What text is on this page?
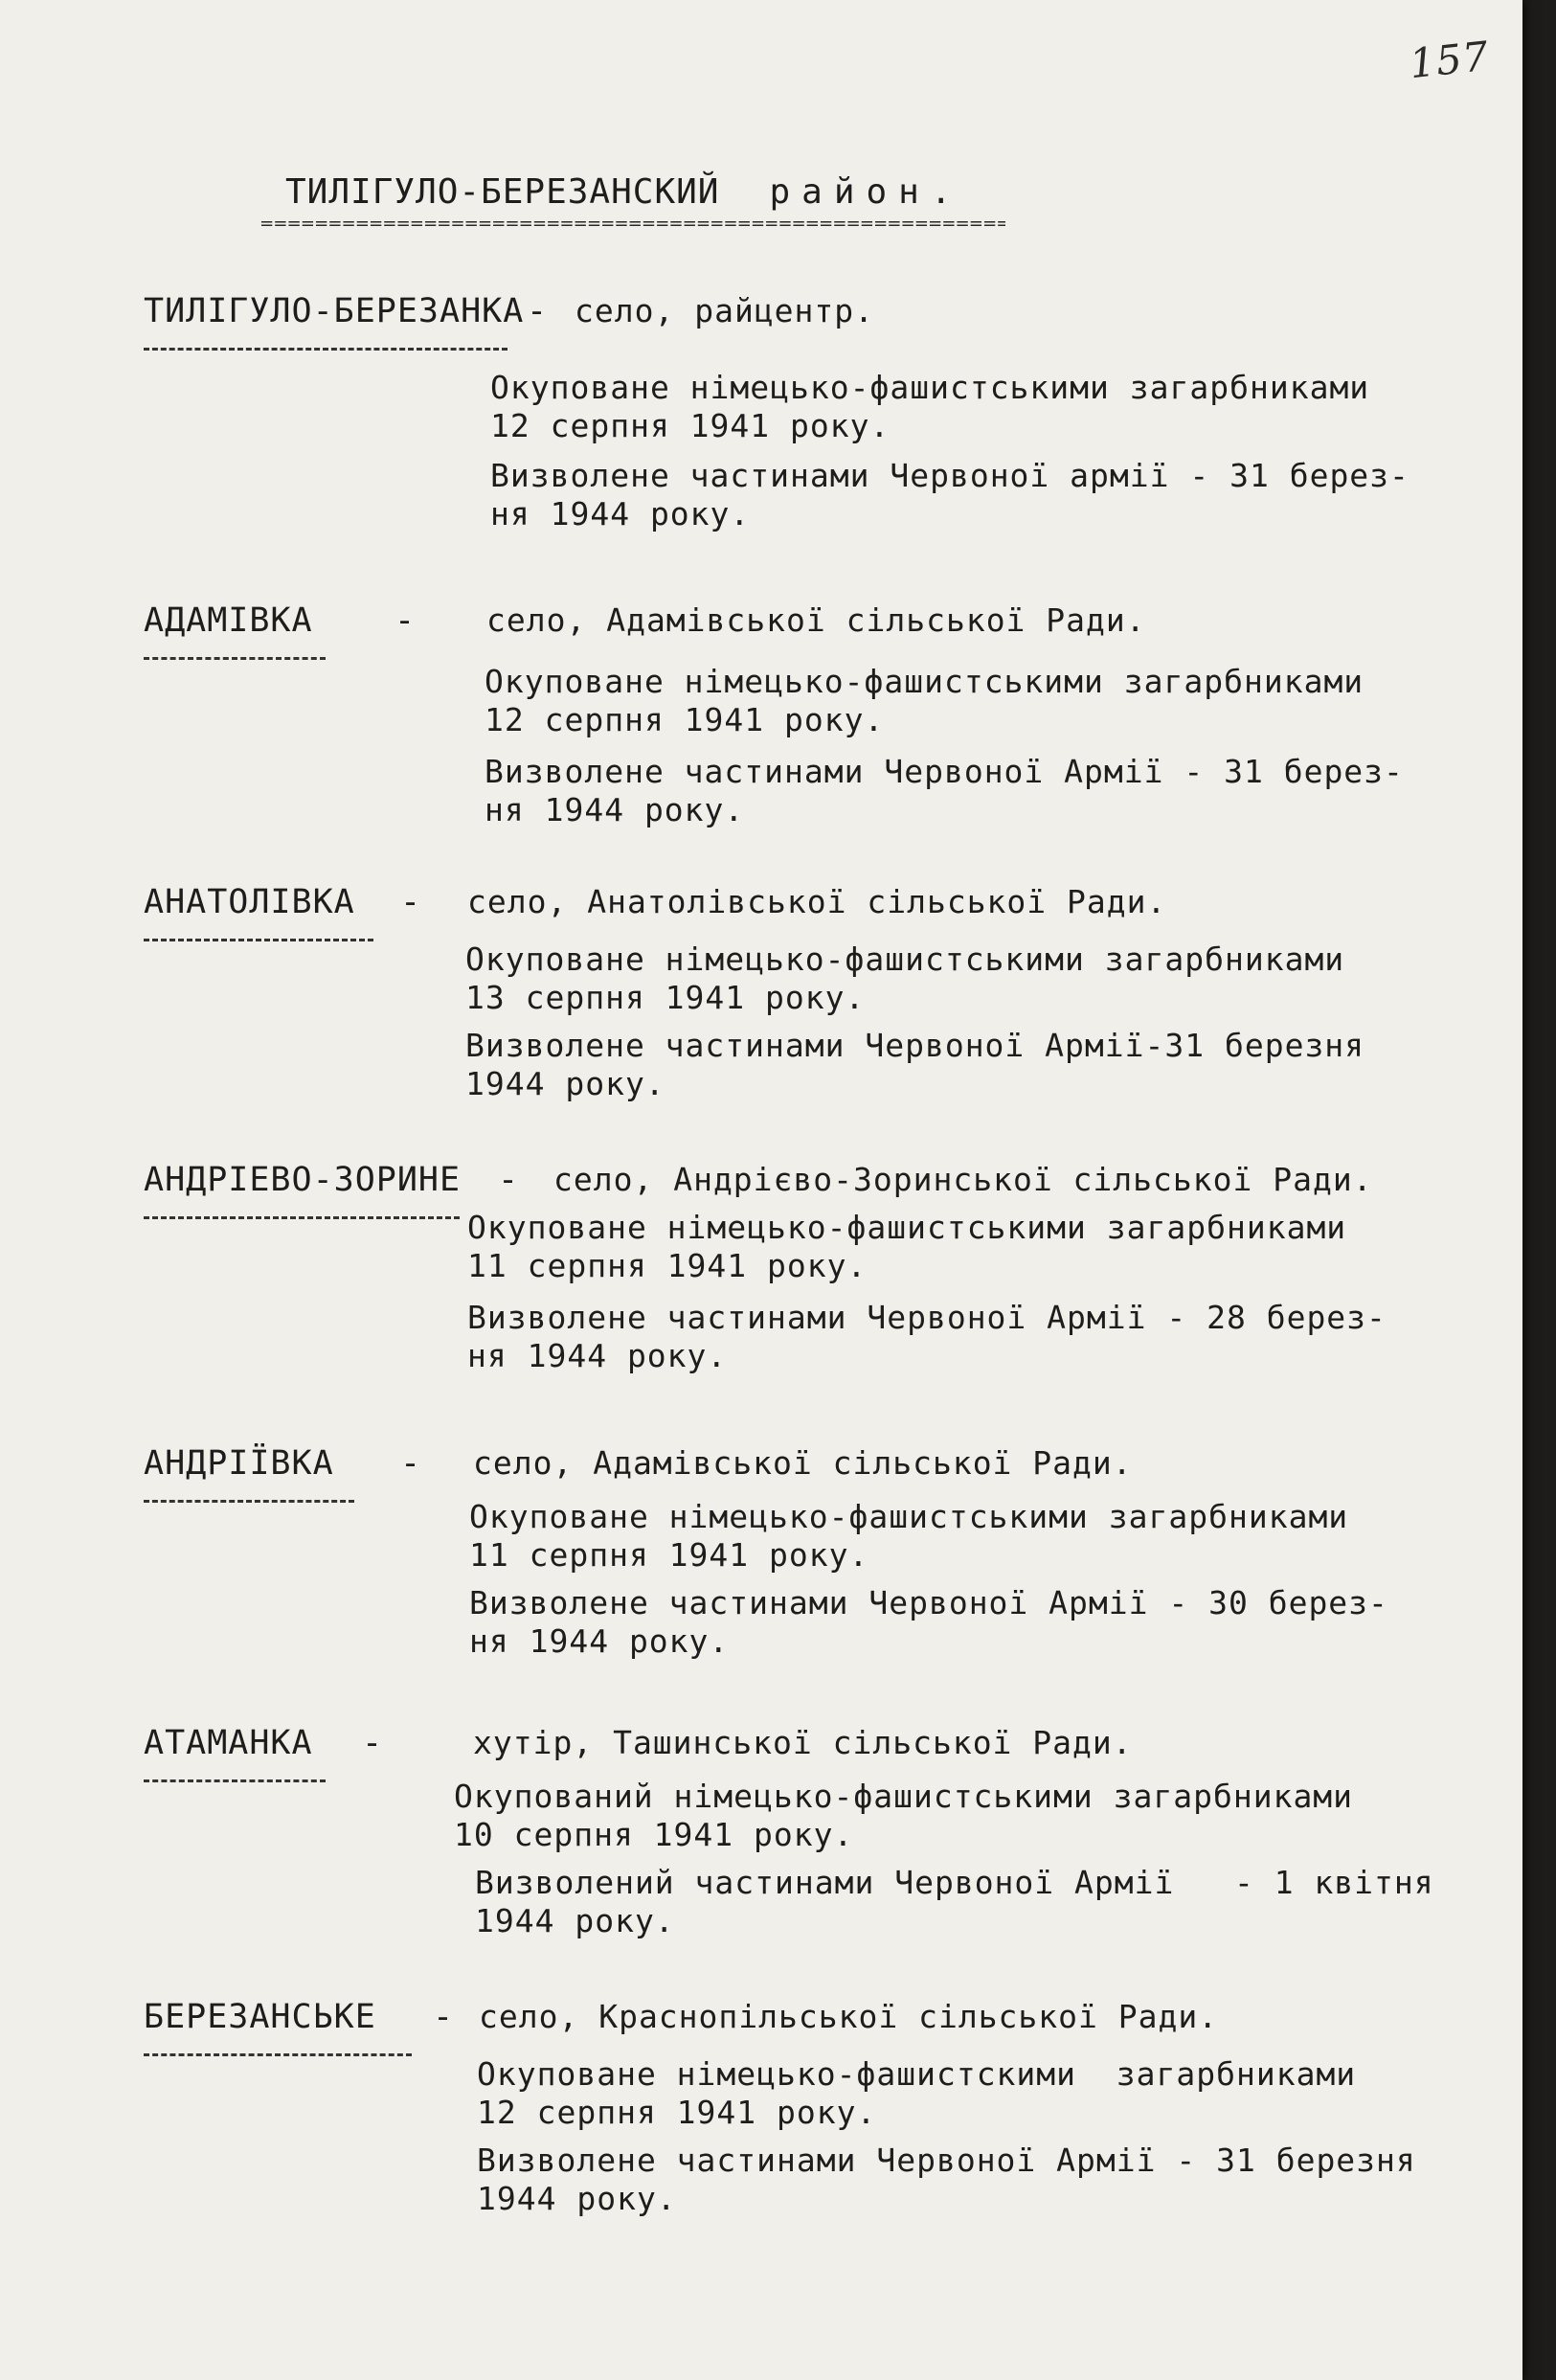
157
ТИЛІГУЛО-БЕРЕЗАНСКИЙ район.
=====
ТИЛІГУЛО-БЕРЕЗАНКА - село, райцентр.
Окуповане німецько-фашистськими загарбниками
12 серпня 1941 року.
Визволене частинами Червоної армії - 31 берез-
ня 1944 року.
АДАМІВКА - село, Адамівської сільської Ради.
Окуповане німецько-фашистськими загарбниками
12 серпня 1941 року.
Визволене частинами Червоної Армії - 31 берез-
ня 1944 року.
АНАТОЛІВКА - село, Анатолівської сільської Ради.
Окуповане німецько-фашистськими загарбниками
13 серпня 1941 року.
Визволене частинами Червоної Армії-31 березня
1944 року.
АНДРІЕВО-ЗОРИНЕ - село, Андрієво-Зоринської сільської Ради.
Окуповане німецько-фашистськими загарбниками
11 серпня 1941 року.
Визволене частинами Червоної Армії - 28 берез-
ня 1944 року.
АНДРІЇВКА - село, Адамівської сільської Ради.
Окуповане німецько-фашистськими загарбниками
11 серпня 1941 року.
Визволене частинами Червоної Армії - 30 берез-
ня 1944 року.
АТАМАНКА -	хутір, Ташинської сільської Ради.
Окупований німецько-фашистськими загарбниками
10 серпня 1941 року.
Визволений частинами Червоної Армії   - 1 квітня
1944 року.
БЕРЕЗАНСЬКЕ - село, Краснопільської сільської Ради.
Окуповане німецько-фашистскими  загарбниками
12 серпня 1941 року.
Визволене частинами Червоної Армії - 31 березня
1944 року.
